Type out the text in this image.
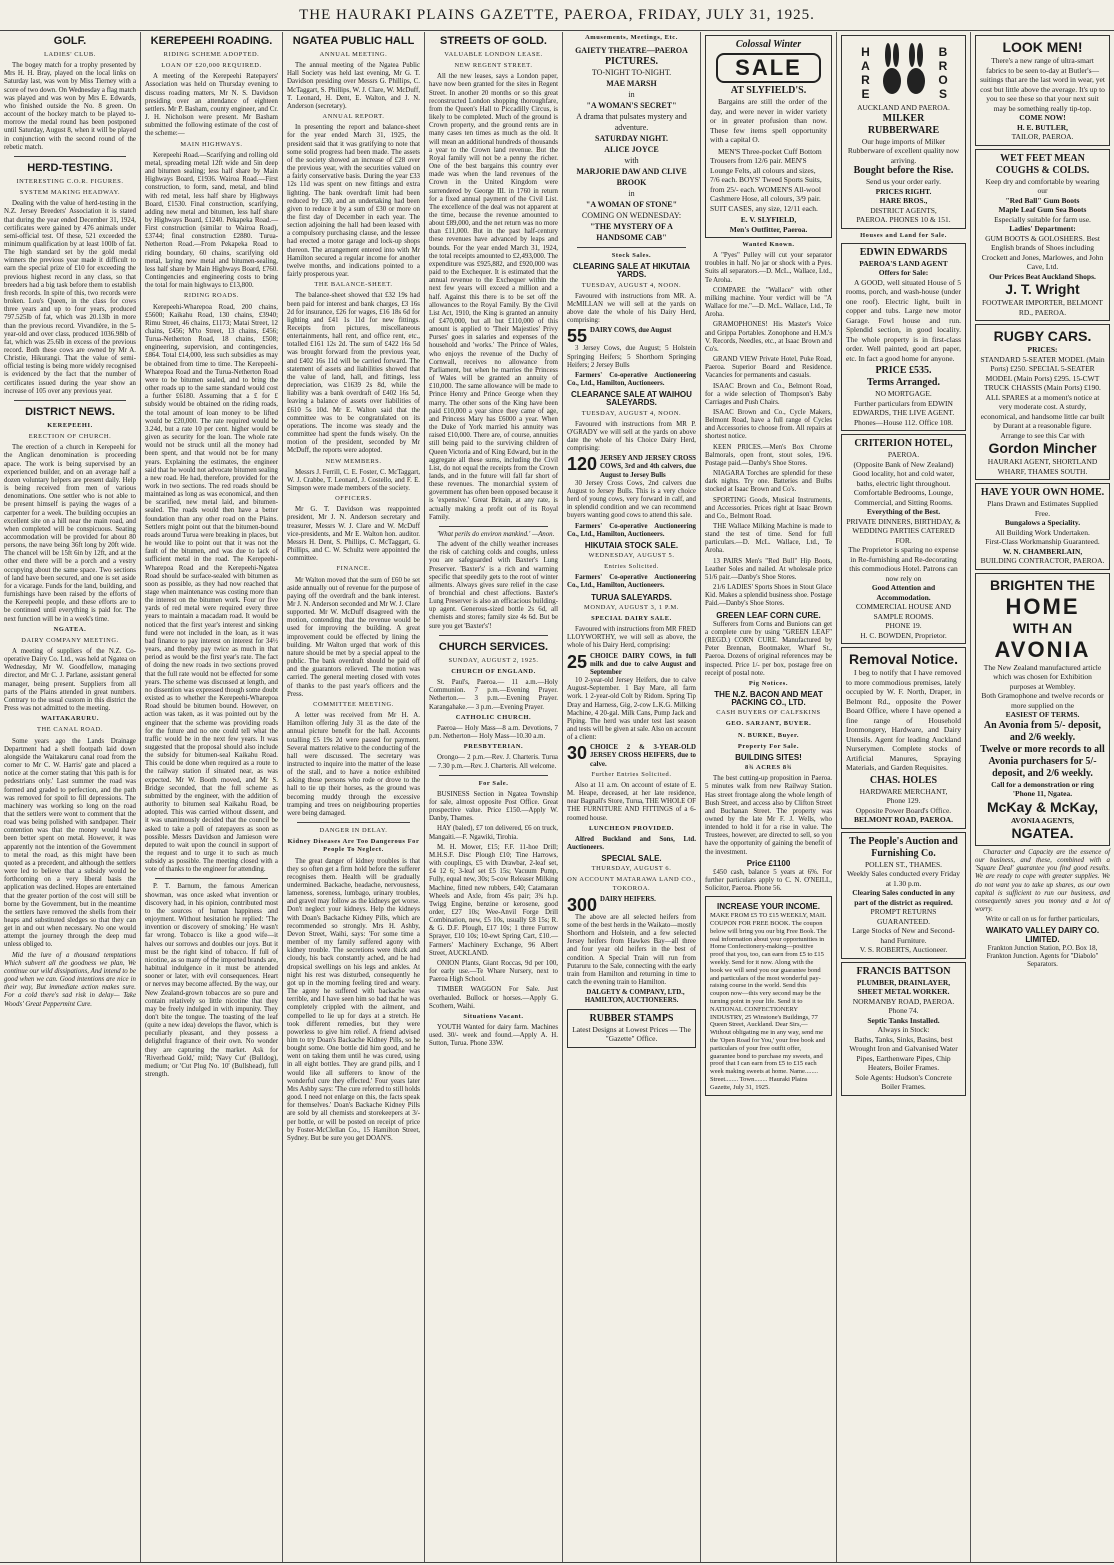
THE HAURAKI PLAINS GAZETTE, PAEROA, FRIDAY, JULY 31, 1925.
GOLF.
LADIES' CLUB.

The bogey match for a trophy presented by Mrs H. H. Bray, played on the local links on Saturday last, was won by Miss Tierney with a score of two down. On Wednesday a flag match was played and was won by Mrs E. Edwards, who finished outside the No. 8 green. On account of the hockey match to be played to-morrow the medal round has been postponed until Saturday, August 8, when it will be played in conjunction with the second round of the rebetic match.

HERD-TESTING.
INTERESTING C.O.R. FIGURES.
SYSTEM MAKING HEADWAY.

Dealing with the value of herd-testing in the N.Z. Jersey Breeders' Association it is stated that during the year ended December 31, 1924, certificates were gained by 476 animals under semi-official test. Of these, 521 exceeded the minimum qualification by at least 100lb of fat. The high standard set by the gold medal winners the previous year made it difficult to earn the special prize of £10 for exceeding the previous highest record in any class, so that breeders had a big task before them to establish fresh records. In spite of this, two records were broken. Lou's Queen, in the class for cows three years and up to four years, produced 797.525lb of fat, which was 20.13lb in more than the previous record. Vivandière, in the 5-year-old and over class, produced 1036.98lb of fat, which was 25.6lb in excess of the previous record. Both these cows are owned by Mr A. Christie, Hikurangi. That the value of semi-official testing is being more widely recognised is evidenced by the fact that the number of certificates issued during the year show an increase of 105 over any previous year.

DISTRICT NEWS.
KEREPEEHI.
ERECTION OF CHURCH.

The erection of a church in Kerepeehi for the Anglican denomination is proceeding apace. The work is being supervised by an experienced builder, and on an average half a dozen voluntary helpers are present daily. Help is being received from men of various denominations. One settler who is not able to be present himself is paying the wages of a carpenter for a week. The building occupies an excellent site on a hill near the main road, and when completed will be conspicuous. Seating accommodation will be provided for about 80 persons, the nave being 36ft long by 20ft wide. The chancel will be 15ft 6in by 12ft, and at the other end there will be a porch and a vestry occupying about the same space. Two sections of land have been secured, and one is set aside for a vicarage. Funds for the land, building, and furnishings have been raised by the efforts of the Kerepeehi people, and these efforts are to be continued until everything is paid for. The next function will be in a week's time.

NGATEA.
DAIRY COMPANY MEETING.

A meeting of suppliers of the N.Z. Co-operative Dairy Co. Ltd., was held at Ngatea on Wednesday, Mr W. Goodfellow, managing director, and Mr C. J. Parlane, assistant general manager, being present. Suppliers from all parts of the Plains attended in great numbers. Contrary to the usual custom in this district the Press was not admitted to the meeting.

WAITAKARURU.
THE CANAL ROAD.

Some years ago the Lands Drainage Department had a shell footpath laid down alongside the Waitakaruru canal road from the corner to Mr C. W. Harris' gate and placed a notice at the corner stating that 'this path is for pedestrians only.' Last summer the road was formed and graded to perfection, and the path was removed for spoil to fill depressions. The machinery was working so long on the road that the settlers were wont to comment that the road was being polished with sandpaper. Their contention was that the money would have been better spent on metal. However, it was apparently not the intention of the Government to metal the road, as this might have been quoted as a precedent, and although the settlers were led to believe that a subsidy would be forthcoming on a very liberal basis the application was declined. Hopes are entertained that the greater portion of the cost will still be borne by the Government, but in the meantime the settlers have removed the shells from their heaps and substituted sledges so that they can get in and out when necessary. No one would attempt the journey through the deep mud unless obliged to.

Mid the lure of a thousand temptations Which subvert all the goodness we plan, We continue our wild dissipations, And intend to be good when we can. Good intentions are nice in their way, But immediate action makes sure. For a cold there's sad risk in delay— Take Woods' Great Peppermint Cure.

KEREPEEHI ROADING.
RIDING SCHEME ADOPTED.
LOAN OF £20,000 REQUIRED.

A meeting of the Kerepeehi Ratepayers' Association was held on Thursday evening to discuss roading matters, Mr N. S. Davidson presiding over an attendance of eighteen settlers. Mr P. Basham, county engineer, and Cr. J. H. Nicholson were present. Mr Basham submitted the following estimate of the cost of the scheme:—

MAIN HIGHWAYS.

Kerepeehi Road.—Scarifying and rolling old metal, spreading metal 12ft wide and 5in deep and bitumen sealing; less half share by Main Highways Board, £1936. Wairoa Road.—First construction, to form, sand, metal, and blind with red metal, less half share by Highways Board, £1530. Final construction, scarifying, adding new metal and bitumen, less half share by Highways Board, £1240. Pekapeka Road.—First construction (similar to Wairoa Road), £3744; final construction £2880. Turua-Netherton Road.—From Pekapeka Road to riding boundary, 60 chains, scarifying old metal, laying new metal and bitumen-sealing, less half share by Main Highways Board, £760. Contingencies and engineering costs to bring the total for main highways to £13,800.

RIDING ROADS.

Kerepeehi-Wharepoa Road, 200 chains, £5600; Kaikahu Road, 130 chains, £3940; Rimu Street, 46 chains, £1173; Matai Street, 12 chains, £456; M'to Street, 13 chains, £456; Turua-Netherton Road, 18 chains, £508; engineering, supervision, and contingencies, £864. Total £14,000, less such subsidies as may be obtained from time to time. The Kerepeehi-Wharepoa Road and the Turua-Netherton Road were to be bitumen sealed, and to bring the other roads up to the same standard would cost a further £6180. Assuming that a £ for £ subsidy would be obtained on the riding roads, the total amount of loan money to be lifted would be £20,000. The rate required would be 3.24d, but a rate 10 per cent. higher would be given as security for the loan. The whole rate would not be struck until all the money had been spent, and that would not be for many years. Explaining the estimates, the engineer said that he would not advocate bitumen sealing a new road. He had, therefore, provided for the work in two sections. The red roads should be maintained as long as was economical, and then be scarified, new metal laid, and bitumen-sealed. The roads would then have a better foundation than any other road on the Plains. Settlers might point out that the bitumen-bound roads around Turua were breaking in places, but he would like to point out that it was not the fault of the bitumen, and was due to lack of sufficient metal in the road. The Kerepeehi-Wharepoa Road and the Kerepeehi-Ngatea Road should be surface-sealed with bitumen as soon as possible, as they had now reached that stage when maintenance was costing more than the interest on the bitumen work. Four or five yards of red metal were required every three years to maintain a macadam road. It would be noticed that the first year's interest and sinking fund were not included in the loan, as it was bad finance to pay interest on interest for 34½ years, and thereby pay twice as much in that period as would be the first year's rate. The fact of doing the new roads in two sections proved that the full rate would not be effected for some years. The scheme was discussed at length, and no dissention was expressed though some doubt existed as to whether the Kerepeehi-Wharepoa Road should be bitumen bound. However, on action was taken, as it was pointed out by the engineer that the scheme was providing roads for the future and no one could tell what the traffic would be in the next few years. It was suggested that the proposal should also include the subsidy for bitumen-seal Kaikahu Road. This could be done when required as a route to the railway station if situated near, as was expected. Mr W. Booth moved, and Mr S. Bridge seconded, that the full scheme as submitted by the engineer, with the addition of authority to bitumen seal Kaikahu Road, be adopted. This was carried without dissent, and it was unanimously decided that the council be asked to take a poll of ratepayers as soon as possible. Messrs Davidson and Jamieson were deputed to wait upon the council in support of the request and to urge it to such as much subsidy as possible. The meeting closed with a vote of thanks to the engineer for attending.

P. T. Barnum, the famous American showman, was once asked what invention or discovery had, in his opinion, contributed most to the sources of human happiness and enjoyment. Without hesitation he replied: 'The invention or discovery of smoking.' He wasn't far wrong. Tobacco is like a good wife—it halves our sorrows and doubles our joys. But it must be the right kind of tobacco. If full of nicotine, as so many of the imported brands are, habitual indulgence in it must be attended sooner or later, with evil consequences. Heart or nerves may become affected. By the way, our New Zealand-grown tobaccos are so pure and contain relatively so little nicotine that they may be freely indulged in with impunity. They don't bite the tongue. The toasting of the leaf (quite a new idea) develops the flavor, which is peculiarly pleasant, and they possess a delightful fragrance of their own. No wonder they are capturing the market. Ask for 'Riverhead Gold,' mild; 'Navy Cut' (Bulldog), medium; or 'Cut Plug No. 10' (Bullshead), full strength.

NGATEA PUBLIC HALL
ANNUAL MEETING.

The annual meeting of the Ngatea Public Hall Society was held last evening, Mr G. T. Davidson presiding over Messrs G. Phillips, C. McTaggart, S. Phillips, W. J. Clare, W. McDuff, T. Leonard, H. Dent, E. Walton, and J. N. Anderson (secretary).

ANNUAL REPORT.

In presenting the report and balance-sheet for the year ended March 31, 1925, the president said that it was gratifying to note that some solid progress had been made. The assets of the society showed an increase of £28 over the previous year, with the securities valued on a fairly conservative basis. During the year £33 12s 11d was spent on new fittings and extra lighting. The bank overdraft limit had been reduced by £30, and an undertaking had been given to reduce it by a sum of £30 or more on the first day of December in each year. The section adjoining the hall had been leased with a compulsory purchasing clause, and the lessee had erected a motor garage and lock-up shops thereon. The arrangement entered into with Mr Hamilton secured a regular income for another twelve months, and indications pointed to a fairly prosperous year.

THE BALANCE-SHEET.

The balance-sheet showed that £32 19s had been paid for interest and bank charges, £3 16s 2d for insurance, £26 for wages, £16 18s 6d for lighting and £41 1s 11d for new fittings. Receipts from pictures, miscellaneous entertainments, hall rent, and office rent, etc., totalled £161 12s 2d. The sum of £422 16s 5d was brought forward from the previous year, and £402 16s 11d will be carried forward. The statement of assets and liabilities showed that the value of land, hall, and fittings, less depreciation, was £1639 2s 8d, while the liability was a bank overdraft of £402 16s 5d, leaving a balance of assets over liabilities of £610 5s 10d. Mr E. Walton said that the committee was to be congratulated on its operations. The income was steady and the committee had spent the funds wisely. On the motion of the president, seconded by Mr McDuff, the reports were adopted.

NEW MEMBERS.

Messrs J. Ferrill, C. E. Foster, C. McTaggart, W. J. Crabbe, T. Leonard, J. Costello, and F. E. Simpson were made members of the society.

OFFICERS.

Mr G. T. Davidson was reappointed president, Mr J. N. Anderson secretary and treasurer, Messrs W. J. Clare and W. McDuff vice-presidents, and Mr E. Walton hon. auditor. Messrs H. Dent, S. Phillips, C. McTaggart, G. Phillips, and C. W. Schultz were appointed the committee.

FINANCE.

Mr Walton moved that the sum of £60 be set aside annually out of revenue for the purpose of paying off the overdraft and the bank interest. Mr J. N. Anderson seconded and Mr W. J. Clare supported. Mr W. McDuff disagreed with the motion, contending that the revenue would be used for improving the building. A great improvement could be effected by lining the building. Mr Walton urged that work of this nature should be met by a special appeal to the public. The bank overdraft should be paid off and the guarantors relieved. The motion was carried. The general meeting closed with votes of thanks to the past year's officers and the Press.

COMMITTEE MEETING.

A letter was received from Mr H. A. Hamilton offering July 31 as the date of the annual picture benefit for the hall. Accounts totalling £5 19s 2d were passed for payment. Several matters relative to the conducting of the hall were discussed. The secretary was instructed to inquire into the matter of the lease of the stall, and to have a notice exhibited asking those persons who rode or drove to the hall to tie up their horses, as the ground was becoming muddy through the excessive tramping and trees on neighbouring properties were being damaged.

DANGER IN DELAY.
Kidney Diseases Are Too Dangerous For People To Neglect.

The great danger of kidney troubles is that they so often get a firm hold before the sufferer recognises them. Health will be gradually undermined. Backache, headache, nervousness, lameness, soreness, lumbago, urinary troubles, and gravel may follow as the kidneys get worse. Don't neglect your kidneys. Help the kidneys with Doan's Backache Kidney Pills, which are recommended so strongly. Mrs H. Ashby, Devon Street, Waihi, says: 'For some time a member of my family suffered agony with kidney trouble. The secretions were thick and cloudy, his back constantly ached, and he had dropsical swellings on his legs and ankles. At night his rest was disturbed, consequently he got up in the morning feeling tired and weary. The agony he suffered with backache was terrible, and I have seen him so bad that he was completely crippled with the ailment, and compelled to lie up for days at a stretch. He took different remedies, but they were powerless to give him relief. A friend advised him to try Doan's Backache Kidney Pills, so he bought some. One bottle did him good, and he went on taking them until he was cured, using in all eight bottles. They are grand pills, and I would like all sufferers to know of the wonderful cure they effected.' Four years later Mrs Ashby says: 'The cure referred to still holds good. I need not enlarge on this, the facts speak for themselves.' Doan's Backache Kidney Pills are sold by all chemists and storekeepers at 3/- per bottle, or will be posted on receipt of price by Foster-McClellan Co., 15 Hamilton Street, Sydney. But be sure you get DOAN'S.

STREETS OF GOLD.
VALUABLE LONDON LEASE.
NEW REGENT STREET.

All the new leases, says a London paper, have now been granted for the sites in Regent Street. In another 20 months or so this great reconstructed London shopping thoroughfare, from the Queen's Hall to Piccadilly Circus, is likely to be completed. Much of the ground is Crown property, and the ground rents are in many cases ten times as much as the old. It will mean an additional hundreds of thousands a year to the Crown land revenue. But the Royal family will not be a penny the richer. One of the best bargains this country ever made was when the land revenues of the Crown in the United Kingdom were surrendered by George III. in 1760 in return for a fixed annual payment of the Civil List. The excellence of the deal was not apparent at the time, because the revenue amounted to about £89,000, and the net return was no more than £11,000. But in the past half-century these revenues have advanced by leaps and bounds. For the year ended March 31, 1924, the total receipts amounted to £2,493,000. The expenditure was £925,882, and £920,000 was paid to the Exchequer. It is estimated that the annual revenue to the Exchequer within the next few years will exceed a million and a half. Against this there is to be set off the allowances to the Royal Family. By the Civil List Act, 1910, the King is granted an annuity of £470,000, but all but £110,000 of this amount is applied to 'Their Majesties' Privy Purses' goes in salaries and expenses of the household and 'works.' The Prince of Wales, who enjoys the revenue of the Duchy of Cornwall, receives no allowance from Parliament, but when he marries the Princess of Wales will be granted an annuity of £10,000. The same allowance will be made to Prince Henry and Prince George when they marry. The other sons of the King have been paid £10,000 a year since they came of age, and Princess Mary has £6000 a year. When the Duke of York married his annuity was raised £10,000. There are, of course, annuities still being paid to the surviving children of Queen Victoria and of King Edward, but in the aggregate all these sums, including the Civil List, do not equal the receipts from the Crown lands, and in the future will fall far short of these revenues. The monarchial system of government has often been opposed because it is 'expensive.' Great Britain, at any rate, is actually making a profit out of its Royal Family.

'What perils do environ mankind.' —Anon.

The advent of the chilly weather increases the risk of catching colds and coughs, unless you are safeguarded with Baxter's Lung Preserver. 'Baxter's' is a rich and warming specific that speedily gets to the root of winter ailments. Always gives sure relief in the case of bronchial and chest affections. Baxter's Lung Preserver is also an efficacious building-up agent. Generous-sized bottle 2s 6d, all chemists and stores; family size 4s 6d. But be sure you get 'Baxter's'!

CHURCH SERVICES.
SUNDAY, AUGUST 2, 1925.
CHURCH OF ENGLAND.

St. Paul's, Paeroa.— 11 a.m.—Holy Communion. 7 p.m.—Evening Prayer. Netherton.— 3 p.m.—Evening Prayer. Karangahake.— 3 p.m.—Evening Prayer.

CATHOLIC CHURCH.

Paeroa— Holy Mass—8 a.m. Devotions, 7 p.m. Netherton— Holy Mass—10.30 a.m.

PRESBYTERIAN.

Orongo— 2 p.m.—Rev. J. Charteris. Turua— 7.30 p.m.—Rev. J. Charteris. All welcome.

For Sale.

BUSINESS Section in Ngatea Township for sale, almost opposite Post Office. Great prospective value. Price £150.—Apply W. Danby, Thames.

HAY (baled), £7 ton delivered, £6 on truck, Mangaiti.—F. Ngawiki, Tirohia.

M. H. Mower, £15; F.F. 11-hoe Drill; M.H.S.F. Disc Plough £10; Tine Harrows, with couplings, £5 with Drawbar, 2-leaf set, £4 12 6; 3-leaf set £5 15s; Vacuum Pump, Fully, equal new, 30s; 5-cow Releaser Milking Machine, fitted new rubbers, £40; Catamaran Wheels and Axle, from 45s pair; 3¾ h.p. Twigg Engine, benzine or kerosene, good order, £27 10s; Wee-Anvil Forge Drill Combination, new, £5 10s, usually £8 15s; R. & G. D.F. Plough, £17 10s; 1 three Furrow Sprayer, £10 10s; 10-ewt Spring Cart, £10.—Farmers' Machinery Exchange, 96 Albert Street, AUCKLAND.

ONION Plants, Giant Roccas, 9d per 100, for early use.—Te Whare Nursery, next to Paeroa High School.

TIMBER WAGGON For Sale. Just overhauled. Bullock or horses.—Apply G. Scothern, Waihi.

Situations Vacant.

YOUTH Wanted for dairy farm. Machines used. 30/- week and found.—Apply A. H. Sutton, Turua. Phone 33W.

Amusements, Meetings, Etc.
GAIETY THEATRE—PAEROA
PICTURES.
TO-NIGHT TO-NIGHT.
MAE MARSH
in
"A WOMAN'S SECRET"
A drama that pulsates mystery and adventure.
SATURDAY NIGHT.
ALICE JOYCE
with
MARJORIE DAW AND CLIVE BROOK
in
"A WOMAN OF STONE"
COMING ON WEDNESDAY:
"THE MYSTERY OF A HANDSOME CAB"
Stock Sales.
CLEARING SALE AT HIKUTAIA YARDS.
TUESDAY, AUGUST 4, NOON.

Favoured with instructions from MR. A. McMILLAN we will sell at the yards on above date the whole of his Dairy Herd, comprising:

55 DAIRY COWS, due August

3 Jersey Cows, due August; 5 Holstein Springing Heifers; 5 Shorthorn Springing Heifers; 2 Jersey Bulls

Farmers' Co-operative Auctioneering Co., Ltd., Hamilton, Auctioneers.

CLEARANCE SALE AT WAIHOU SALEYARDS.
TUESDAY, AUGUST 4, NOON.

Favoured with instructions from MR P. O'GRADY we will sell at the yards on above date the whole of his Choice Dairy Herd, comprising:

120 JERSEY AND JERSEY CROSS COWS, 3rd and 4th calvers, due August to Jersey Bulls

30 Jersey Cross Cows, 2nd calvers due August to Jersey Bulls. This is a very choice herd of young cows, very forward in calf, and in splendid condition and we can recommend buyers wanting good cows to attend this sale.

Farmers' Co-operative Auctioneering Co., Ltd., Hamilton, Auctioneers.

HIKUTAIA STOCK SALE.
WEDNESDAY, AUGUST 5.
Entries Solicited.

Farmers' Co-operative Auctioneering Co., Ltd., Hamilton, Auctioneers.

TURUA SALEYARDS.
MONDAY, AUGUST 3, 1 P.M.
SPECIAL DAIRY SALE.

Favoured with instructions from MR FRED LLOYWORTHY, we will sell as above, the whole of his Dairy Herd, comprising:

25 CHOICE DAIRY COWS, in full milk and due to calve August and September

10 2-year-old Jersey Heifers, due to calve August-September. 1 Bay Mare, all farm work. 1 2-year-old Colt by Ridom. Spring Tip Dray and Harness, Gig, 2-cow L.K.G. Milking Machine, 4 20-gal. Milk Cans, Pump Jack and Piping. The herd was under test last season and tests will be given at sale. Also on account of a client:

30 CHOICE 2 & 3-YEAR-OLD JERSEY CROSS HEIFERS, due to calve.
Further Entries Solicited.

Also at 11 a.m. On account of estate of E. M. Heape, deceased, at her late residence, near Bagnall's Store, Turua, THE WHOLE OF THE FURNITURE AND FITTINGS of a 6-roomed house.

LUNCHEON PROVIDED.

Alfred Buckland and Sons, Ltd. Auctioneers.

SPECIAL SALE.
THURSDAY, AUGUST 6.
ON ACCOUNT MATARAWA LAND CO., TOKOROA.
300 DAIRY HEIFERS.

The above are all selected heifers from some of the best herds in the Waikato—mostly Shorthorn and Holstein, and a few selected Jersey heifers from Hawkes Bay—all three and four year old heifers in the best of condition. A Special Train will run from Putaruru to the Sale, connecting with the early train from Hamilton and returning in time to catch the evening train to Hamilton.

DALGETY & COMPANY, LTD., HAMILTON, AUCTIONEERS.

RUBBER STAMPS
Latest Designs at Lowest Prices — The "Gazette" Office.
Colossal Winter
SALE
AT SLYFIELD'S.

Bargains are still the order of the day, and were never in wider variety or in greater profusion than now. These few items spell opportunity with a capital O.

MEN'S Three-pocket Cuff Bottom Trousers from 12/6 pair. MEN'S Lounge Felts, all colours and sizes, 7/6 each. BOYS' Tweed Sports Suits, from 25/- each. WOMEN'S All-wool Cashmere Hose, all colours, 3/9 pair. SUIT CASES, any size, 12/11 each.

E. V. SLYFIELD,
Men's Outfitter, Paeroa.
Wanted Known.

A "Pyes" Pulley will cut your separator troubles in half. No jar or shock with a Pyes. Suits all separators.—D. McL., Wallace, Ltd., Te Aroha.

COMPARE the "Wallace" with other milking machine. Your verdict will be "A Wallace for me."—D. McL. Wallace, Ltd., Te Aroha.

GRAMOPHONES! His Master's Voice and Grippa Portables. Zonophone and H.M.'s V. Records, Needles, etc., at Isaac Brown and Co's.

GRAND VIEW Private Hotel, Puke Road, Paeroa. Superior Board and Residence. Vacancies for permanents and casuals.

ISAAC Brown and Co., Belmont Road, for a wide selection of Thompson's Baby Carriages and Push Chairs.

ISAAC Brown and Co., Cycle Makers, Belmont Road, have a full range of Cycles and Accessories to choose from. All repairs at shortest notice.

KEEN PRICES.—Men's Box Chrome Balmorals, open front, stout soles, 19/6. Postage paid.—Danby's Shoe Stores.

NIAGARA Torches are splendid for these dark nights. Try one. Batteries and Bulbs stocked at Isaac Brown and Co's.

SPORTING Goods, Musical Instruments, and Accessories. Prices right at Isaac Brown and Co., Belmont Road.

THE Wallace Milking Machine is made to stand the test of time. Send for full particulars.—D. McL. Wallace, Ltd., Te Aroha.

13 PAIRS Men's "Red Bull" Hip Boots, Leather Soles and nailed. At wholesale price 51/6 pair.—Danby's Shoe Stores.

21/6 LADIES' Sports Shoes in Stout Glace Kid. Makes a splendid business shoe. Postage Paid.—Danby's Shoe Stores.

GREEN LEAF CORN CURE.

Sufferers from Corns and Bunions can get a complete cure by using "GREEN LEAF" (REGD.) CORN CURE. Manufactured by Peter Brennan, Bootmaker, Wharf St., Paeroa. Dozens of original references may be inspected. Price 1/- per box, postage free on receipt of postal note.

Pig Notices.
THE N.Z. BACON AND MEAT PACKING CO., LTD.
CASH BUYERS OF CALFSKINS
GEO. SARJANT, BUYER.
N. BURKE, Buyer.
Property For Sale.
BUILDING SITES!
8¾ ACRES 8¾

The best cutting-up proposition in Paeroa. 5 minutes walk from new Railway Station. Has street frontage along the whole length of Bush Street, and access also by Clifton Street and Buchanan Street. The property was owned by the late Mr F. J. Wells, who intended to hold it for a rise in value. The Trustees, however, are directed to sell, so you have the opportunity of gaining the benefit of the investment.

Price £1100

£450 cash, balance 5 years at 6%. For further particulars apply to C. N. O'NEILL, Solicitor, Paeroa. Phone 56.

INCREASE YOUR INCOME.
MAKE FROM £5 TO £15 WEEKLY, MAIL COUPON FOR FREE BOOK. The coupon below will bring you our big Free Book. The real information about your opportunities in Home Confectionery-making—positive proof that you, too, can earn from £5 to £15 weekly. Send for it now. Along with the book we will send you our guarantee bond and particulars of the most wonderful pay-raising course in the world. Send this coupon now—this very second may be the turning point in your life. Send it to NATIONAL CONFECTIONERY INDUSTRY, 25 Winstone's Buildings, 77 Queen Street, Auckland. Dear Sirs,—Without obligating me in any way, send me the 'Open Road for You,' your free book and particulars of your free outfit offer, guarantee bond to purchase my sweets, and proof that I can earn from £5 to £15 each week making sweets at home. Name........ Street........ Town........ Hauraki Plains Gazette, July 31, 1925.
HARE	BROS
AUCKLAND AND PAEROA.
MILKER RUBBERWARE
Our huge imports of Milker Rubberware of excellent quality now arriving.
Bought before the Rise.
Send us your order early.
PRICES RIGHT.
HARE BROS.,
DISTRICT AGENTS,
PAEROA. PHONES 10 & 151.
Houses and Land for Sale.
EDWIN EDWARDS
PAEROA'S LAND AGENT
Offers for Sale:

A GOOD, well situated House of 5 rooms, porch, and wash-house (under one roof). Electric light, built in copper and tubs. Large new motor Garage. Fowl house and run. Splendid section, in good locality. The whole property is in first-class order. Well painted, good art paper, etc. In fact a good home for anyone.

PRICE £535.
Terms Arranged.
NO MORTGAGE.
Further particulars from EDWIN EDWARDS, THE LIVE AGENT. Phones—House 112. Office 108.
CRITERION HOTEL,
PAEROA.
(Opposite Bank of New Zealand)
Good locality, hot and cold water, baths, electric light throughout. Comfortable Bedrooms, Lounge, Commercial, and Sitting Rooms.
Everything of the Best.
PRIVATE DINNERS, BIRTHDAY, & WEDDING PARTIES CATERED FOR.
The Proprietor is sparing no expense in Re-furnishing and Re-decorating this commodious Hotel. Patrons can now rely on
Good Attention and Accommodation.
COMMERCIAL HOUSE AND SAMPLE ROOMS.
PHONE 19.
H. C. BOWDEN, Proprietor.
Removal Notice.

I beg to notify that I have removed to more commodious premises, lately occupied by W. F. North, Draper, in Belmont Rd., opposite the Power Board Office, where I have opened a fine range of Household Ironmongery, Hardware, and Dairy Utensils. Agent for leading Auckland Nurserymen. Complete stocks of Artificial Manures, Spraying Materials, and Garden Requisites.

CHAS. HOLES
HARDWARE MERCHANT,
Phone 129.
Opposite Power Board's Office.
BELMONT ROAD, PAEROA.
The People's Auction and Furnishing Co.
POLLEN ST., THAMES.
Weekly Sales conducted every Friday at 1.30 p.m.
Clearing Sales conducted in any part of the district as required.
PROMPT RETURNS GUARANTEED.
Large Stocks of New and Second-hand Furniture.
V. S. ROBERTS, Auctioneer.
FRANCIS BATTSON
PLUMBER, DRAINLAYER, SHEET METAL WORKER.
NORMANBY ROAD, PAEROA.
Phone 74.
Septic Tanks Installed.
Always in Stock:
Baths, Tanks, Sinks, Basins, best Wrought Iron and Galvanised Water Pipes, Earthenware Pipes, Chip Heaters, Boiler Frames.
Sole Agents: Hudson's Concrete Boiler Frames.
LOOK MEN!
There's a new range of ultra-smart fabrics to be seen to-day at Butler's—suitings that are the last word in wear, yet cost but little above the average. It's up to you to see these so that your next suit may be something really tip-top.
COME NOW!
H. E. BUTLER,
TAILOR, PAEROA.
WET FEET MEAN COUGHS & COLDS.
Keep dry and comfortable by wearing our
"Red Ball" Gum Boots
Maple Leaf Gum Sea Boots
Especially suitable for farm use.
Ladies' Department:
GUM BOOTS & GOLOSHERS. Best English brands of Shoes including Crockett and Jones, Marlowes, and John Cave, Ltd.
Our Prices Beat Auckland Shops.
J. T. Wright
FOOTWEAR IMPORTER, BELMONT RD., PAEROA.
RUGBY CARS.
PRICES:
STANDARD 5-SEATER MODEL (Main Ports) £250. SPECIAL 5-SEATER MODEL (Main Ports) £295. 15-CWT TRUCK CHASSIS (Main Ports) £190. ALL SPARES at a moment's notice at very moderate cost. A sturdy, economical, and handsome little car built by Durant at a reasonable figure.
Arrange to see this Car with
Gordon Mincher
HAURAKI AGENT, SHORTLAND WHARF, THAMES SOUTH.
HAVE YOUR OWN HOME.
Plans Drawn and Estimates Supplied Free.
Bungalows a Speciality.
All Building Work Undertaken.
First-Class Workmanship Guaranteed.
W. N. CHAMBERLAIN,
BUILDING CONTRACTOR, PAEROA.
BRIGHTEN THE
HOME
WITH AN
AVONIA
The New Zealand manufactured article which was chosen for Exhibition purposes at Wembley.
Both Gramophone and twelve records or more supplied on the
EASIEST OF TERMS.
An Avonia from 5/- deposit, and 2/6 weekly.
Twelve or more records to all Avonia purchasers for 5/- deposit, and 2/6 weekly.
Call for a demonstration or ring 'Phone 11, Ngatea.
McKay & McKay,
AVONIA AGENTS,
NGATEA.

Character and Capacity are the essence of our business, and these, combined with a 'Square Deal' guarantee you find good results. We are ready to cope with greater supplies. We do not want you to take up shares, as our own capital is sufficient to run our business, and consequently saves you money and a lot of worry.

Write or call on us for further particulars,
WAIKATO VALLEY DAIRY CO. LIMITED.
Frankton Junction Station, P.O. Box 18, Frankton Junction. Agents for "Diabolo" Separators.
